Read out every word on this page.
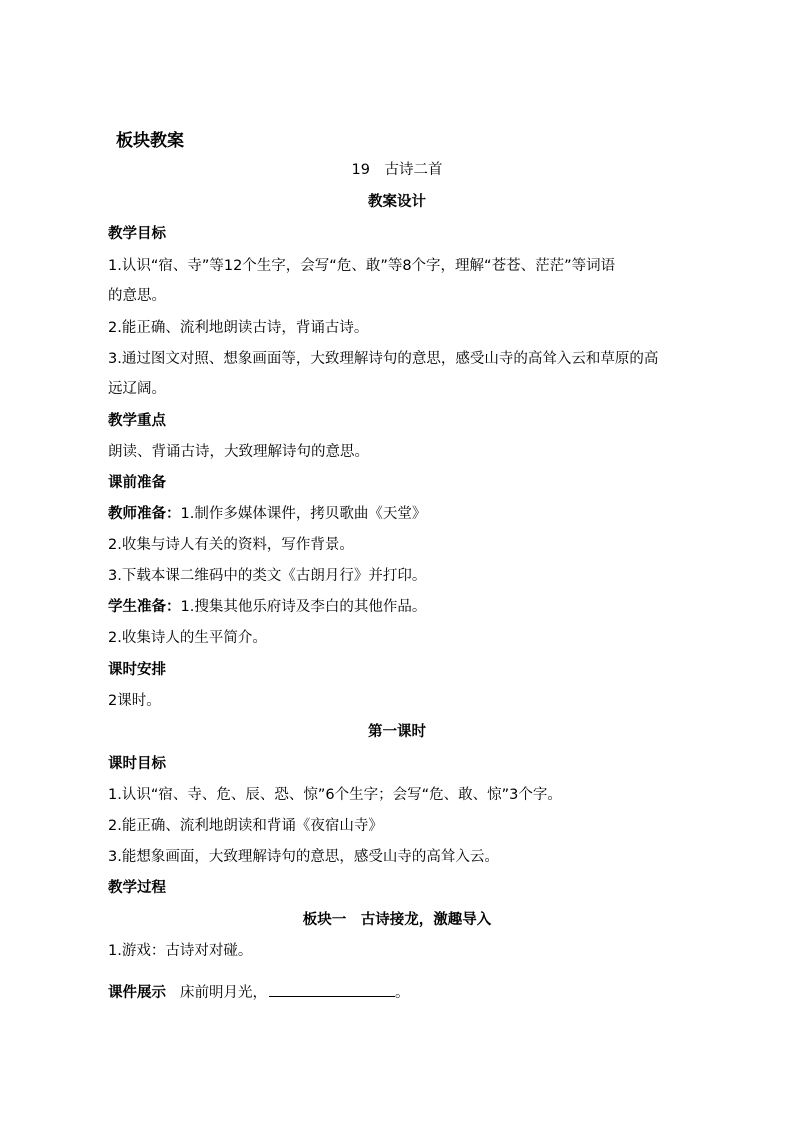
板块教案
19　古诗二首
教案设计
教学目标
1.认识“宿、寺”等12个生字，会写“危、敢”等8个字，理解“苍苍、茫茫”等词语
的意思。
2.能正确、流利地朗读古诗，背诵古诗。
3.通过图文对照、想象画面等，大致理解诗句的意思，感受山寺的高耸入云和草原的高
远辽阔。
教学重点
朗读、背诵古诗，大致理解诗句的意思。
课前准备
教师准备：1.制作多媒体课件，拷贝歌曲《天堂》
2.收集与诗人有关的资料，写作背景。
3.下载本课二维码中的类文《古朗月行》并打印。
学生准备：1.搜集其他乐府诗及李白的其他作品。
2.收集诗人的生平简介。
课时安排
2课时。
第一课时
课时目标
1.认识“宿、寺、危、辰、恐、惊”6个生字；会写“危、敢、惊”3个字。
2.能正确、流利地朗读和背诵《夜宿山寺》
3.能想象画面，大致理解诗句的意思，感受山寺的高耸入云。
教学过程
板块一　古诗接龙，激趣导入
1.游戏：古诗对对碰。
课件展示 床前明月光，	。
